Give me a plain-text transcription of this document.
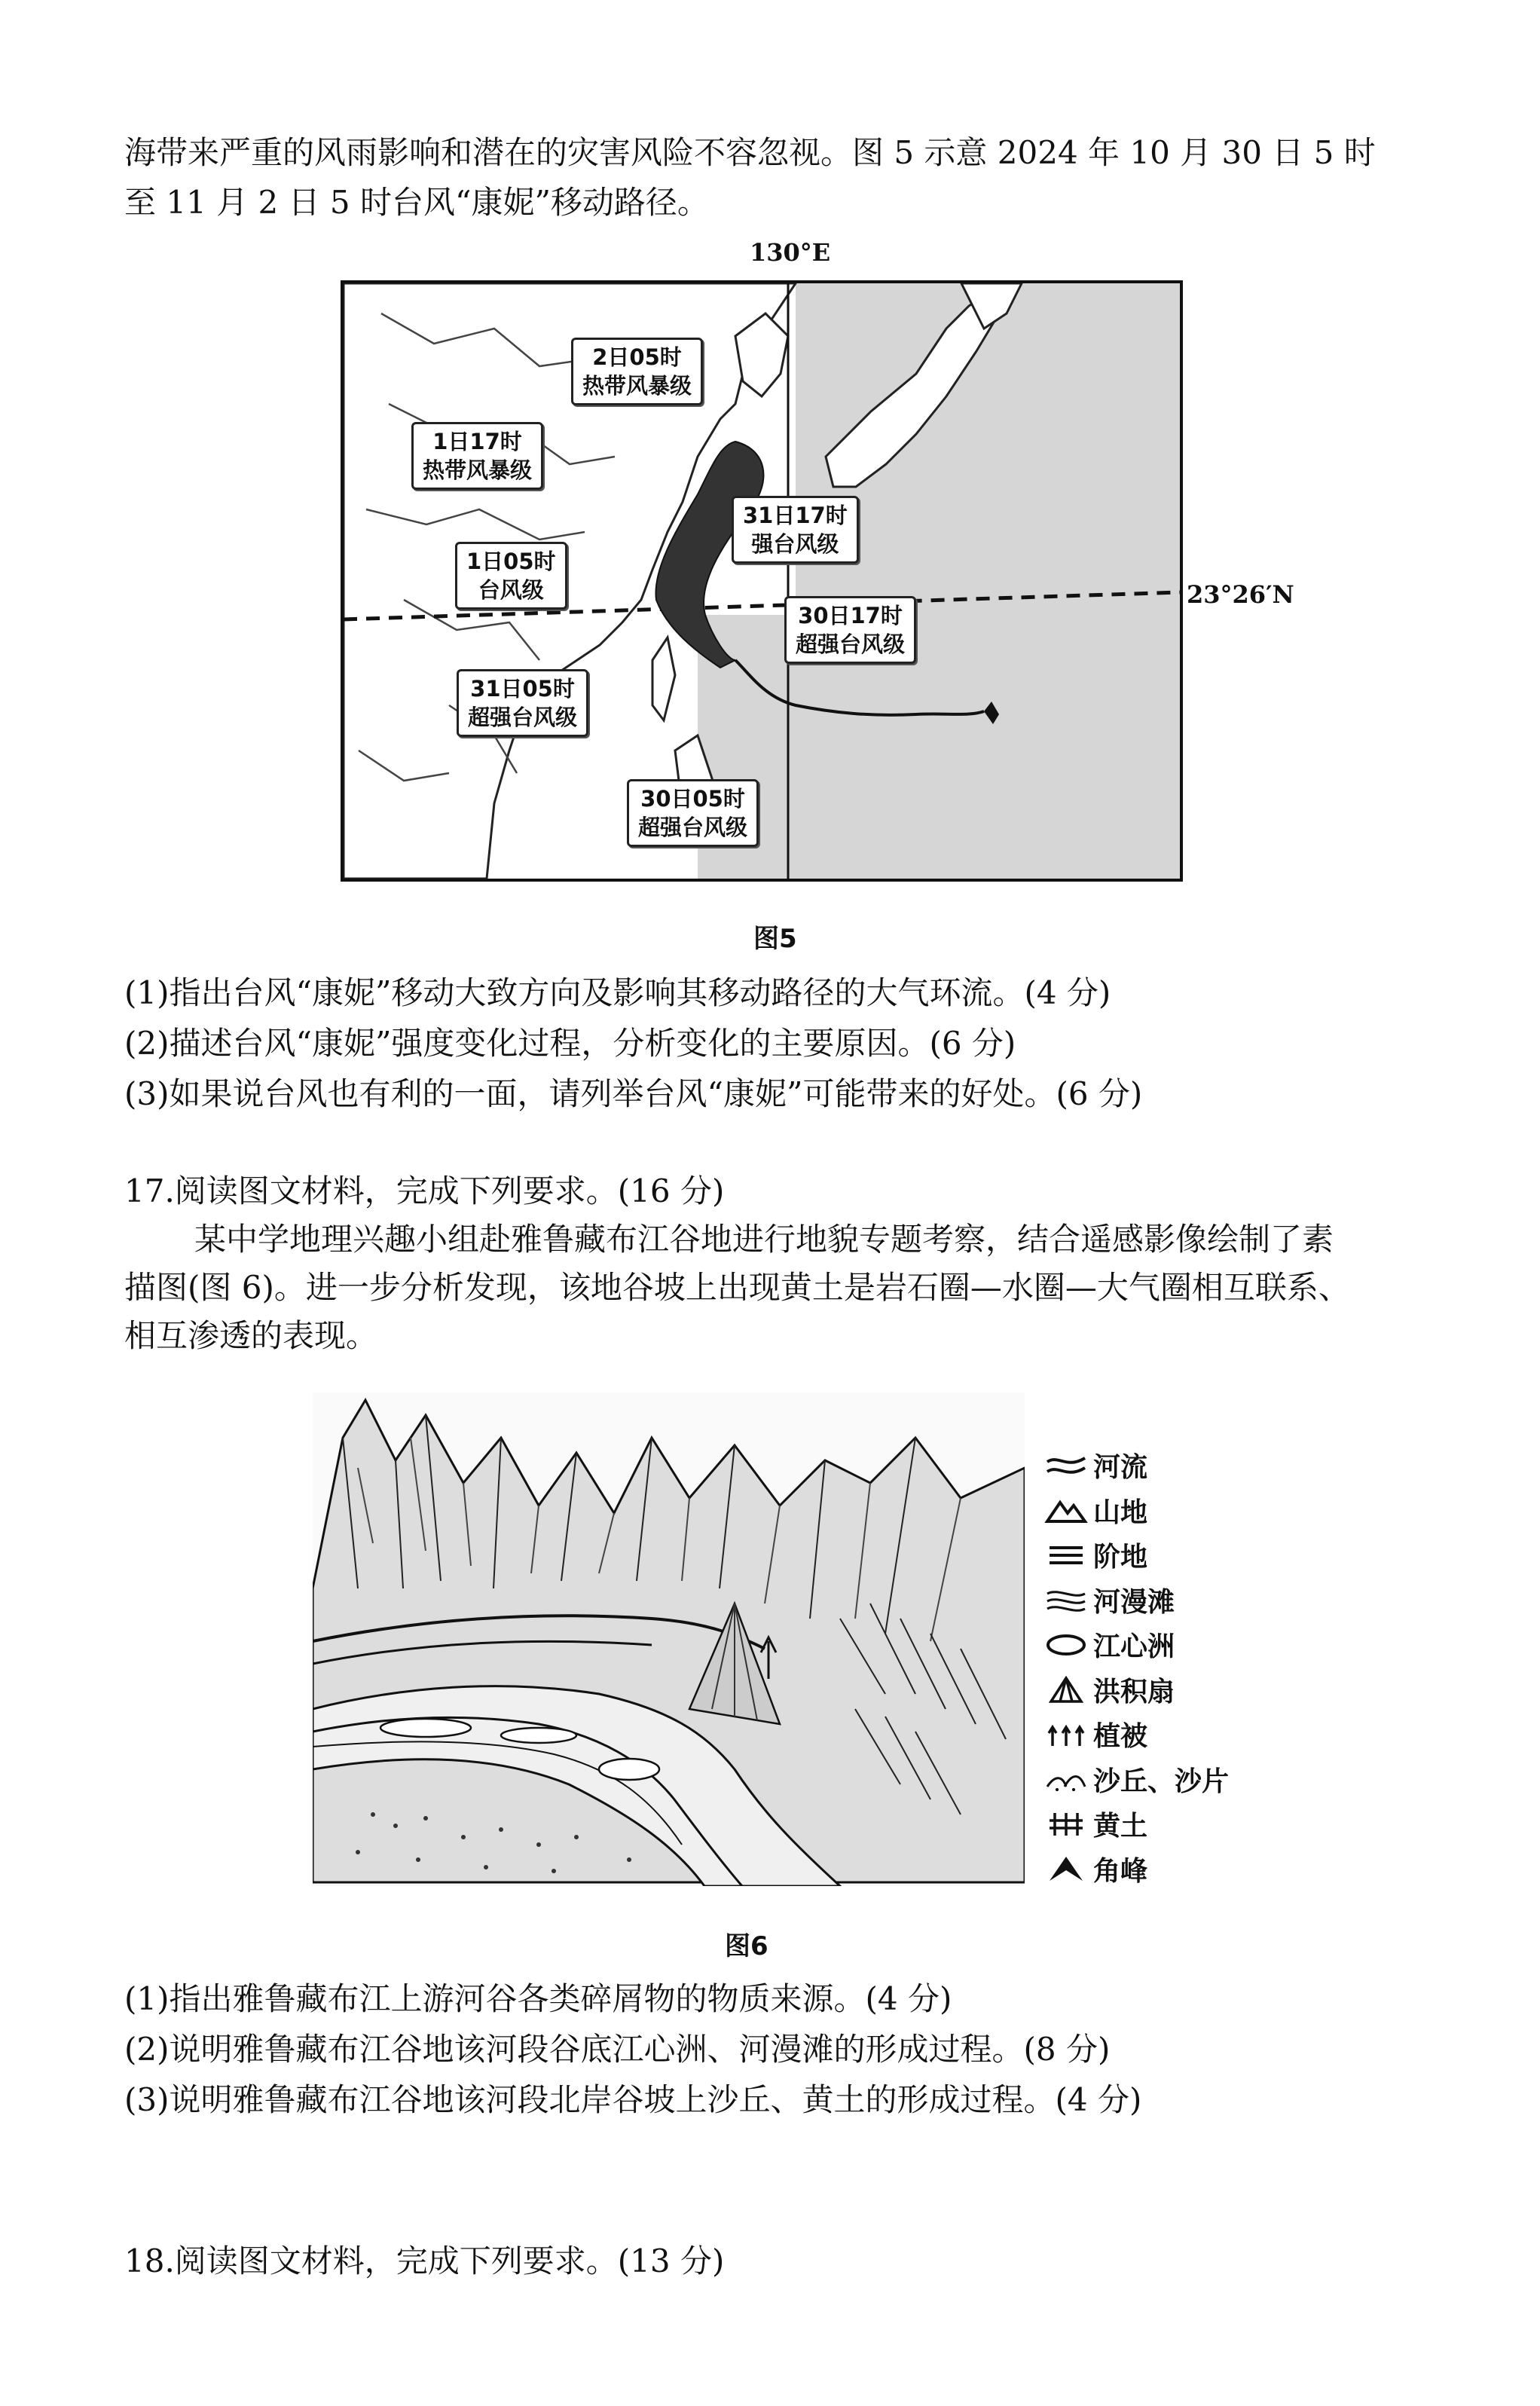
海带来严重的风雨影响和潜在的灾害风险不容忽视。图 5 示意 2024 年 10 月 30 日 5 时
至 11 月 2 日 5 时台风“康妮”移动路径。
130°E
2日05时
热带风暴级
1日17时
热带风暴级
31日17时
强台风级
1日05时
台风级
30日17时
超强台风级
31日05时
超强台风级
30日05时
超强台风级
23°26′N
图5
(1)指出台风“康妮”移动大致方向及影响其移动路径的大气环流。(4 分)
(2)描述台风“康妮”强度变化过程，分析变化的主要原因。(6 分)
(3)如果说台风也有利的一面，请列举台风“康妮”可能带来的好处。(6 分)
17.阅读图文材料，完成下列要求。(16 分)
某中学地理兴趣小组赴雅鲁藏布江谷地进行地貌专题考察，结合遥感影像绘制了素
描图(图 6)。进一步分析发现，该地谷坡上出现黄土是岩石圈—水圈—大气圈相互联系、
相互渗透的表现。
河流
山地
阶地
河漫滩
江心洲
洪积扇
植被
沙丘、沙片
黄土
角峰
图6
(1)指出雅鲁藏布江上游河谷各类碎屑物的物质来源。(4 分)
(2)说明雅鲁藏布江谷地该河段谷底江心洲、河漫滩的形成过程。(8 分)
(3)说明雅鲁藏布江谷地该河段北岸谷坡上沙丘、黄土的形成过程。(4 分)
18.阅读图文材料，完成下列要求。(13 分)
